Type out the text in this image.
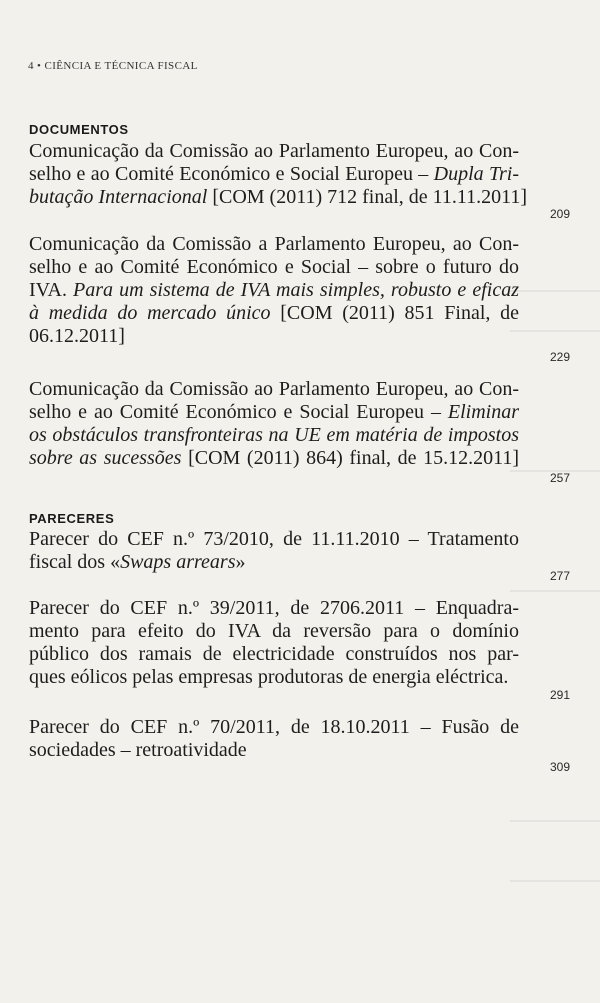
4 • CIÊNCIA E TÉCNICA FISCAL
DOCUMENTOS
Comunicação da Comissão ao Parlamento Europeu, ao Con-
selho e ao Comité Económico e Social Europeu – Dupla Tri-
butação Internacional [COM (2011) 712 final, de 11.11.2011]
209
Comunicação da Comissão a Parlamento Europeu, ao Con-
selho e ao Comité Económico e Social – sobre o futuro do
IVA. Para um sistema de IVA mais simples, robusto e eficaz
à medida do mercado único [COM (2011) 851 Final, de
06.12.2011]
229
Comunicação da Comissão ao Parlamento Europeu, ao Con-
selho e ao Comité Económico e Social Europeu – Eliminar
os obstáculos transfronteiras na UE em matéria de impostos
sobre as sucessões [COM (2011) 864) final, de 15.12.2011]
257
PARECERES
Parecer do CEF n.º 73/2010, de 11.11.2010 – Tratamento
fiscal dos «Swaps arrears»
277
Parecer do CEF n.º 39/2011, de 2706.2011 – Enquadra-
mento para efeito do IVA da reversão para o domínio
público dos ramais de electricidade construídos nos par-
ques eólicos pelas empresas produtoras de energia eléctrica.
291
Parecer do CEF n.º 70/2011, de 18.10.2011 – Fusão de
sociedades – retroatividade
309
